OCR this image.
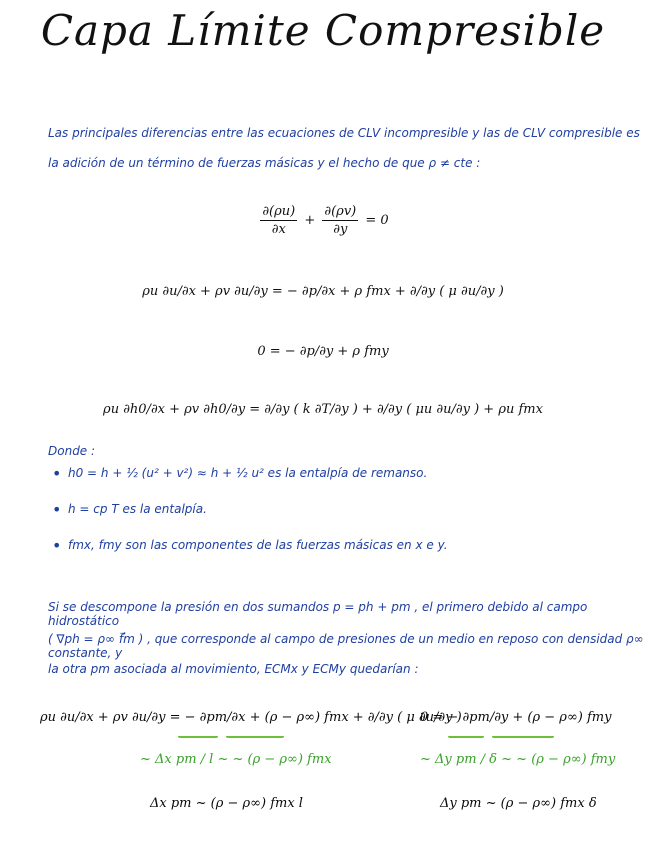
Capa Límite Compresible
Las principales diferencias entre las ecuaciones de CLV incompresible y las de CLV compresible es
la adición de un término de fuerzas másicas y el hecho de que ρ ≠ cte :
$\frac{\partial(\rho u)}{\partial x} + \frac{\partial(\rho v)}{\partial y} = 0$
ρu ∂u/∂x + ρv ∂u/∂y = − ∂p/∂x + ρ fmx + ∂/∂y ( μ ∂u/∂y )
0 = − ∂p/∂y + ρ fmy
ρu ∂h0/∂x + ρv ∂h0/∂y = ∂/∂y ( k ∂T/∂y ) + ∂/∂y ( μu ∂u/∂y ) + ρu fmx
Donde :
• h0 = h + ½ (u² + v²) ≈ h + ½ u² es la entalpía de remanso.
• h = cp T es la entalpía.
• fmx, fmy son las componentes de las fuerzas másicas en x e y.
Si se descompone la presión en dos sumandos p = ph + pm , el primero debido al campo hidrostático
( ∇ph = ρ∞ f⃗m ) , que corresponde al campo de presiones de un medio en reposo con densidad ρ∞ constante, y
la otra pm asociada al movimiento, ECMx y ECMy quedarían :
ρu ∂u/∂x + ρv ∂u/∂y = − ∂pm/∂x + (ρ − ρ∞) fmx + ∂/∂y ( μ ∂u/∂y )
~ Δx pm / l ~ ~ (ρ − ρ∞) fmx
Δx pm ~ (ρ − ρ∞) fmx l
0 = − ∂pm/∂y + (ρ − ρ∞) fmy
~ Δy pm / δ ~ ~ (ρ − ρ∞) fmy
Δy pm ~ (ρ − ρ∞) fmx δ
